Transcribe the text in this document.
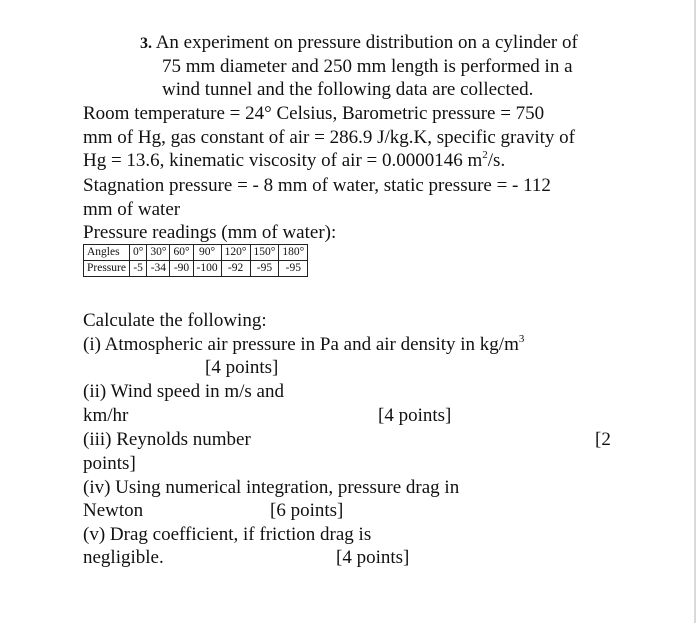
3. An experiment on pressure distribution on a cylinder of
75 mm diameter and 250 mm length is performed in a
wind tunnel and the following data are collected.
Room temperature = 24° Celsius, Barometric pressure = 750
mm of Hg, gas constant of air = 286.9 J/kg.K, specific gravity of
Hg = 13.6, kinematic viscosity of air = 0.0000146 $m^2/s$.
Stagnation pressure = - 8 mm of water, static pressure = - 112
mm of water
Pressure readings (mm of water):
Angles	0°	30°	60°	90°	120°	150°	180°
Pressure	-5	-34	-90	-100	-92	-95	-95
Calculate the following:
(i) Atmospheric air pressure in Pa and air density in $kg/m^3$
[4 points]
(ii) Wind speed in m/s and
km/hr	[4 points]
(iii) Reynolds number	[2
points]
(iv) Using numerical integration, pressure drag in
Newton	[6 points]
(v) Drag coefficient, if friction drag is
negligible.	[4 points]
